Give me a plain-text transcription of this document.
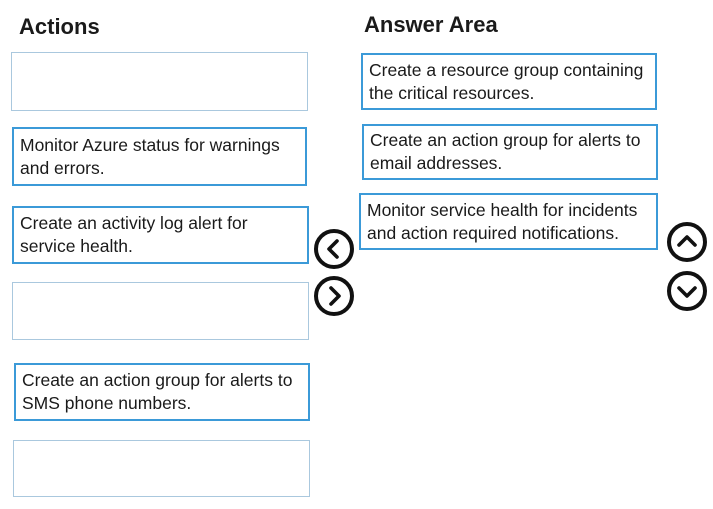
Actions	Answer Area
Monitor Azure status for warnings and errors.
Create an activity log alert for service health.
Create an action group for alerts to SMS phone numbers.
Create a resource group containing the critical resources.
Create an action group for alerts to email addresses.
Monitor service health for incidents and action required notifications.
